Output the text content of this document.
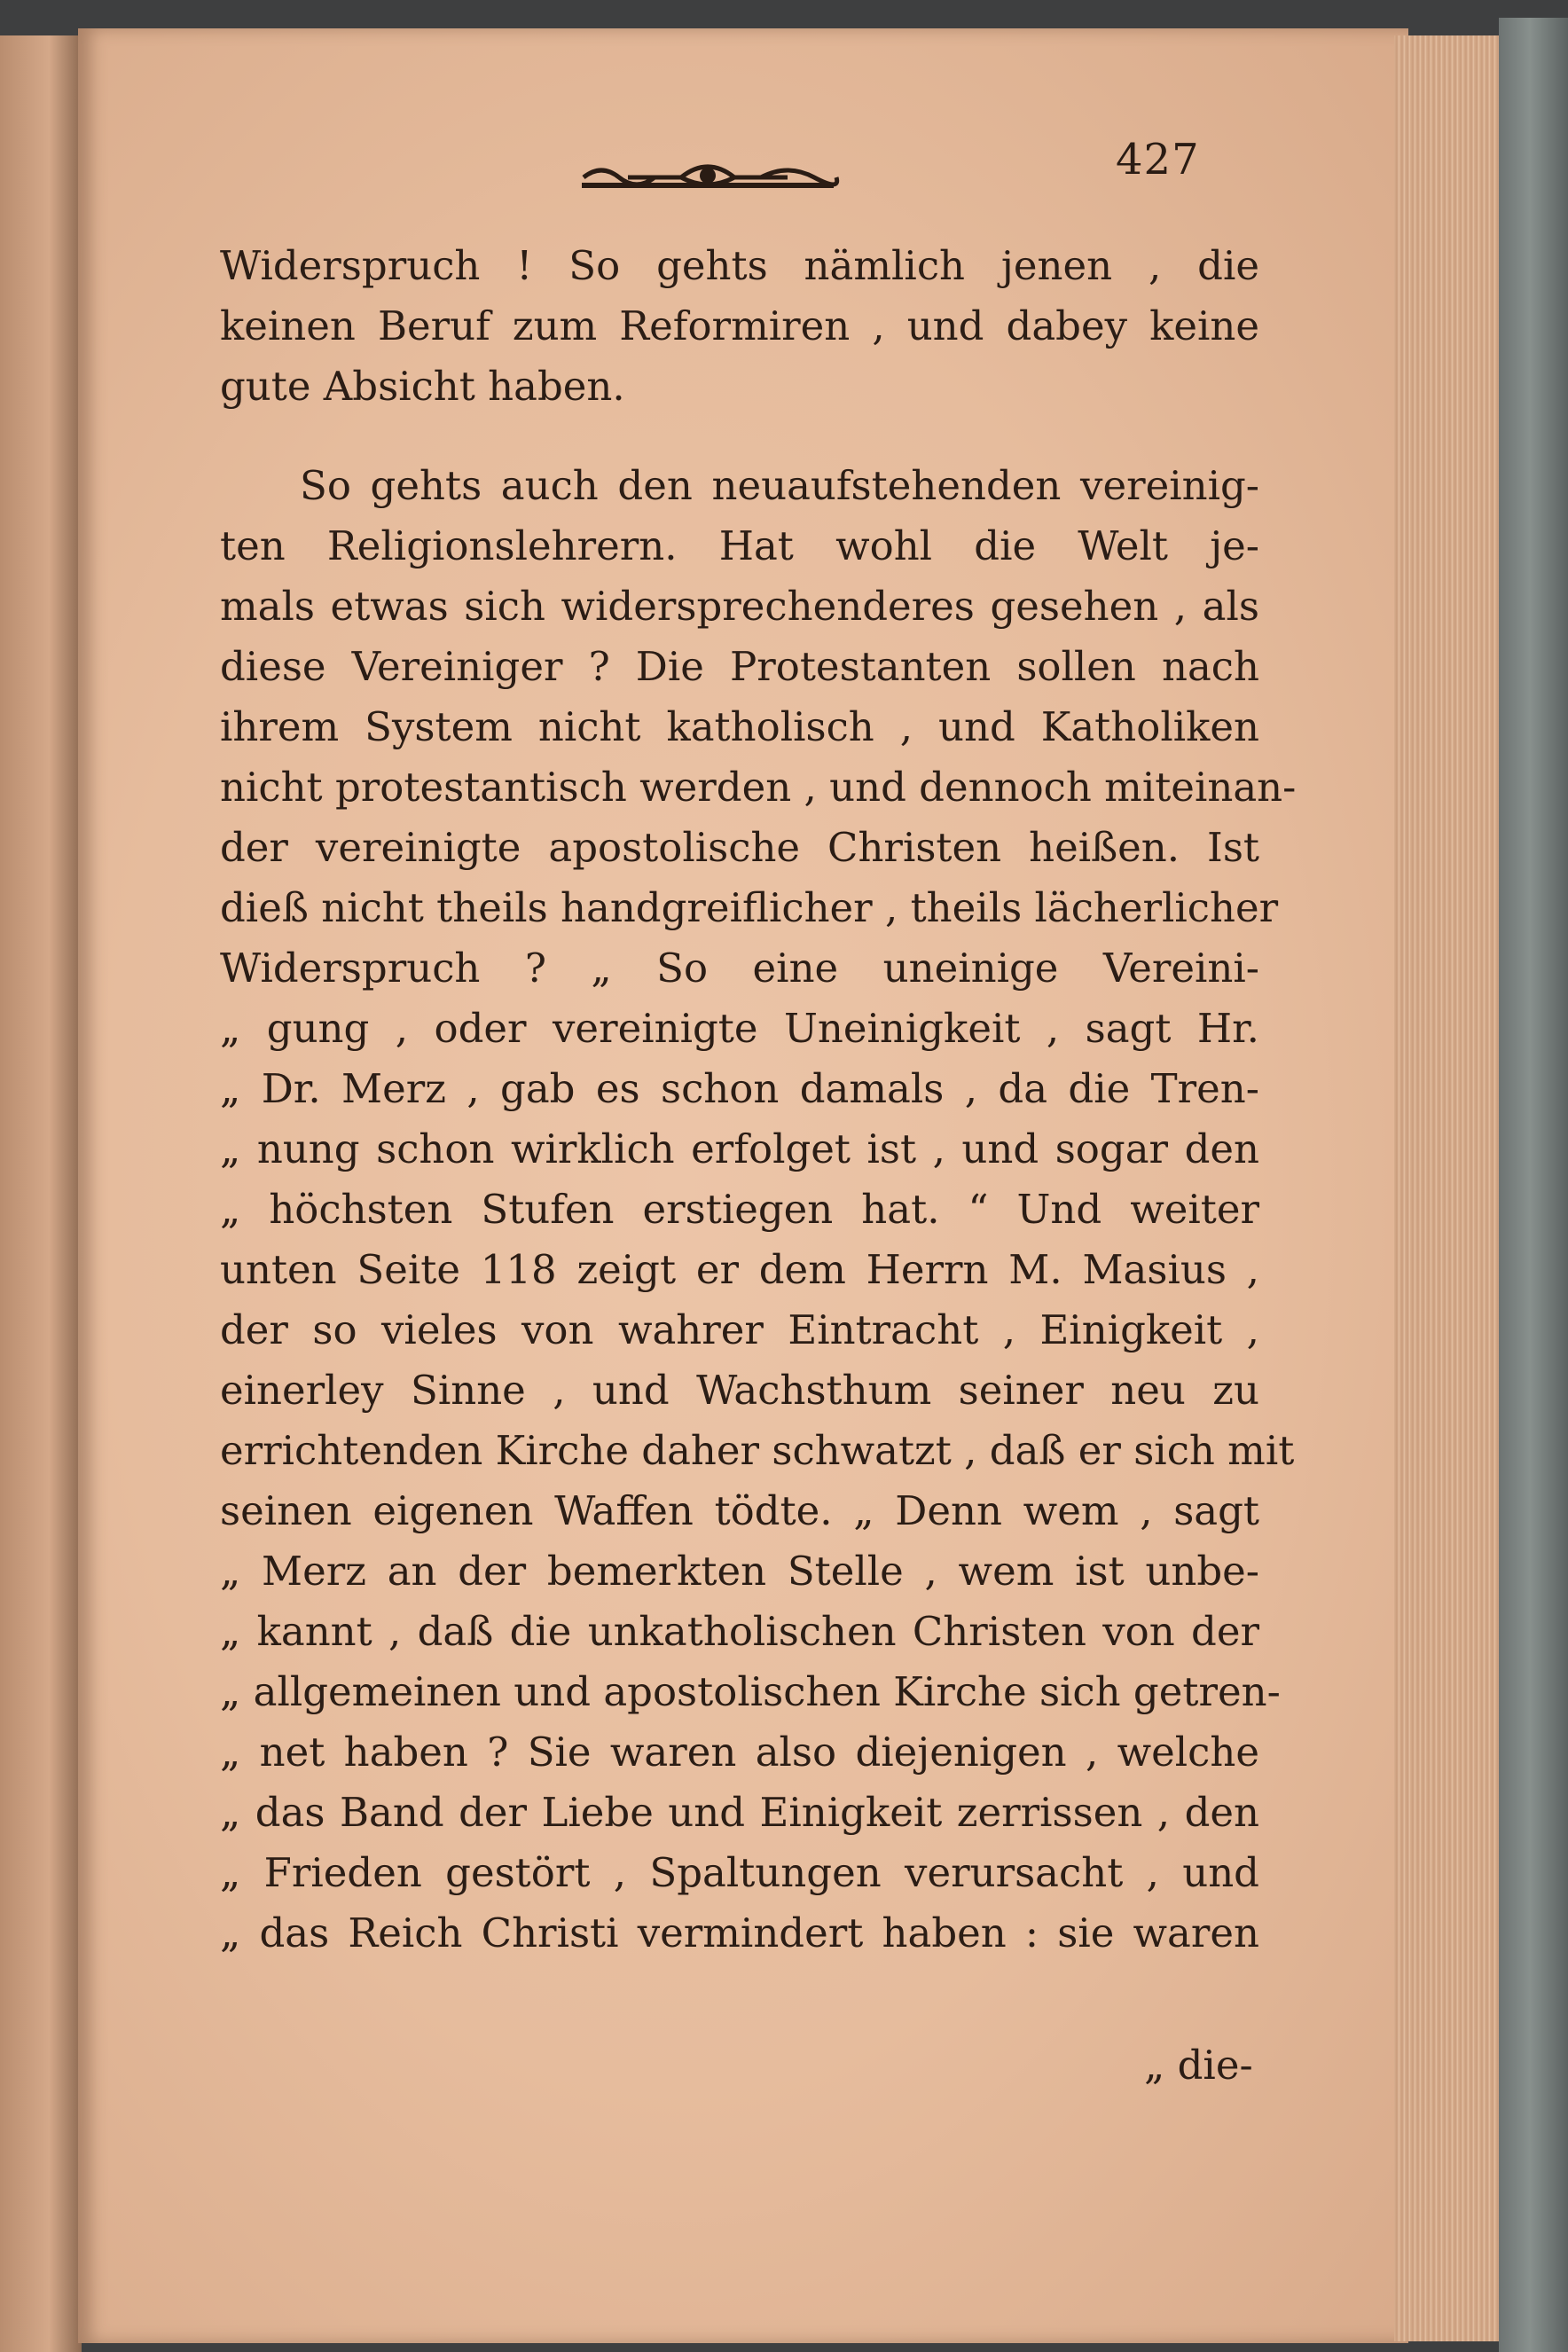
427
Widerspruch ! So gehts nämlich jenen , die
keinen Beruf zum Reformiren , und dabey keine
gute Absicht haben.
So gehts auch den neuaufstehenden vereinig-
ten Religionslehrern. Hat wohl die Welt je-
mals etwas sich widersprechenderes gesehen , als
diese Vereiniger ? Die Protestanten sollen nach
ihrem System nicht katholisch , und Katholiken
nicht protestantisch werden , und dennoch miteinan-
der vereinigte apostolische Christen heißen. Ist
dieß nicht theils handgreiflicher , theils lächerlicher
Widerspruch ? „ So eine uneinige Vereini-
„ gung , oder vereinigte Uneinigkeit , sagt Hr.
„ Dr. Merz , gab es schon damals , da die Tren-
„ nung schon wirklich erfolget ist , und sogar den
„ höchsten Stufen erstiegen hat. “ Und weiter
unten Seite 118 zeigt er dem Herrn M. Masius ,
der so vieles von wahrer Eintracht , Einigkeit ,
einerley Sinne , und Wachsthum seiner neu zu
errichtenden Kirche daher schwatzt , daß er sich mit
seinen eigenen Waffen tödte. „ Denn wem , sagt
„ Merz an der bemerkten Stelle , wem ist unbe-
„ kannt , daß die unkatholischen Christen von der
„ allgemeinen und apostolischen Kirche sich getren-
„ net haben ? Sie waren also diejenigen , welche
„ das Band der Liebe und Einigkeit zerrissen , den
„ Frieden gestört , Spaltungen verursacht , und
„ das Reich Christi vermindert haben : sie waren
„ die-
